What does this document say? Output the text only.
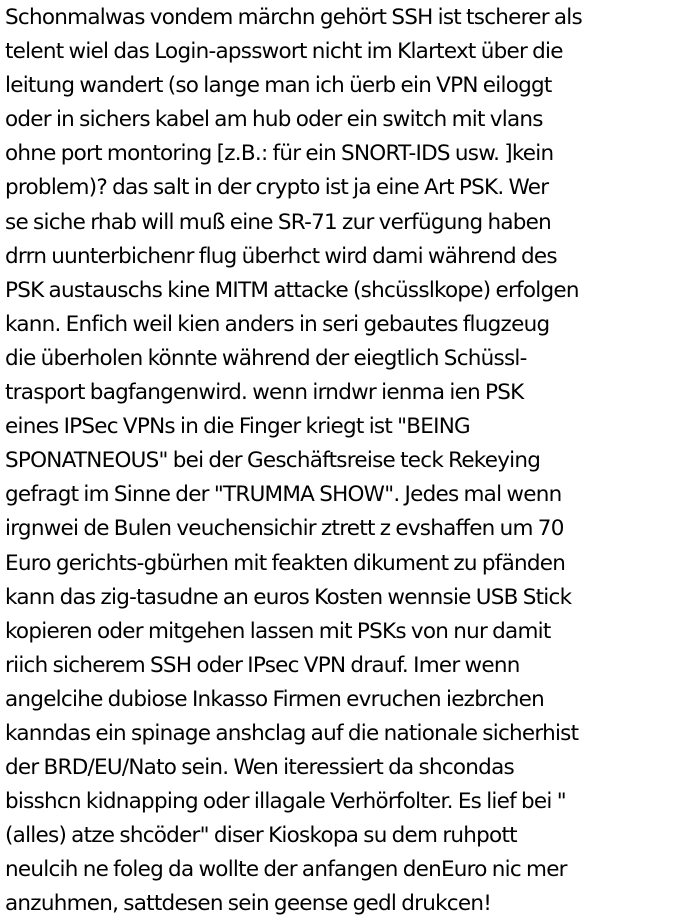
Schonmalwas vondem märchn gehört SSH ist tscherer als
telent wiel das Login-apsswort nicht im Klartext über die
leitung wandert (so lange man ich üerb ein VPN eiloggt
oder in sichers kabel am hub oder ein switch mit vlans
ohne port montoring [z.B.: für ein SNORT-IDS usw. ]kein
problem)? das salt in der crypto ist ja eine Art PSK. Wer
se siche rhab will muß eine SR-71 zur verfügung haben
drrn uunterbichenr flug überhct wird dami während des
PSK austauschs kine MITM attacke (shcüsslkope) erfolgen
kann. Enfich weil kien anders in seri gebautes flugzeug
die überholen könnte während der eiegtlich Schüssl-
trasport bagfangenwird. wenn irndwr ienma ien PSK
eines IPSec VPNs in die Finger kriegt ist "BEING
SPONATNEOUS" bei der Geschäftsreise teck Rekeying
gefragt im Sinne der "TRUMMA SHOW". Jedes mal wenn
irgnwei de Bulen veuchensichir ztrett z evshaffen um 70
Euro gerichts-gbürhen mit feakten dikument zu pfänden
kann das zig-tasudne an euros Kosten wennsie USB Stick
kopieren oder mitgehen lassen mit PSKs von nur damit
riich sicherem SSH oder IPsec VPN drauf. Imer wenn
angelcihe dubiose Inkasso Firmen evruchen iezbrchen
kanndas ein spinage anshclag auf die nationale sicherhist
der BRD/EU/Nato sein. Wen iteressiert da shcondas
bisshcn kidnapping oder illagale Verhörfolter. Es lief bei "
(alles) atze shcöder" diser Kioskopa su dem ruhpott
neulcih ne foleg da wollte der anfangen denEuro nic mer
anzuhmen, sattdesen sein geense gedl drukcen!
